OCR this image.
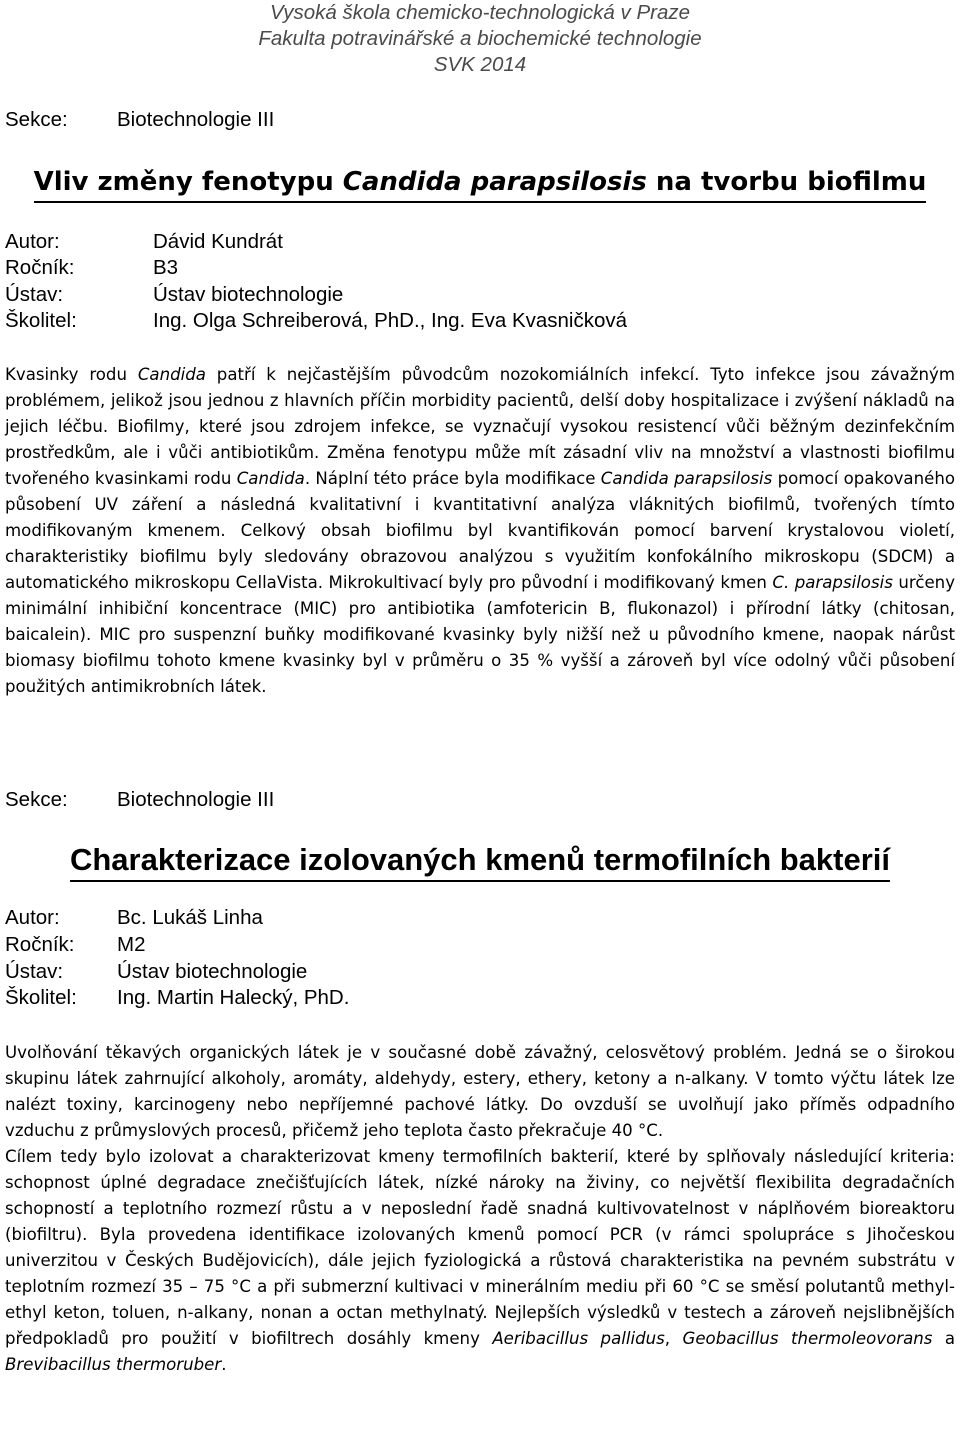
Vysoká škola chemicko-technologická v Praze
Fakulta potravinářské a biochemické technologie
SVK 2014
Sekce: Biotechnologie III
Vliv změny fenotypu Candida parapsilosis na tvorbu biofilmu
Autor:	Dávid Kundrát
Ročník:	B3
Ústav:	Ústav biotechnologie
Školitel:	Ing. Olga Schreiberová, PhD., Ing. Eva Kvasničková

Kvasinky rodu Candida patří k nejčastějším původcům nozokomiálních infekcí. Tyto infekce jsou závažným problémem, jelikož jsou jednou z hlavních příčin morbidity pacientů, delší doby hospitalizace i zvýšení nákladů na jejich léčbu. Biofilmy, které jsou zdrojem infekce, se vyznačují vysokou resistencí vůči běžným dezinfekčním prostředkům, ale i vůči antibiotikům. Změna fenotypu může mít zásadní vliv na množství a vlastnosti biofilmu tvořeného kvasinkami rodu Candida. Náplní této práce byla modifikace Candida parapsilosis pomocí opakovaného působení UV záření a následná kvalitativní i kvantitativní analýza vláknitých biofilmů, tvořených tímto modifikovaným kmenem. Celkový obsah biofilmu byl kvantifikován pomocí barvení krystalovou violetí, charakteristiky biofilmu byly sledovány obrazovou analýzou s využitím konfokálního mikroskopu (SDCM) a automatického mikroskopu CellaVista. Mikrokultivací byly pro původní i modifikovaný kmen C. parapsilosis určeny minimální inhibiční koncentrace (MIC) pro antibiotika (amfotericin B, flukonazol) i přírodní látky (chitosan, baicalein). MIC pro suspenzní buňky modifikované kvasinky byly nižší než u původního kmene, naopak nárůst biomasy biofilmu tohoto kmene kvasinky byl v průměru o 35 % vyšší a zároveň byl více odolný vůči působení použitých antimikrobních látek.

Sekce: Biotechnologie III
Charakterizace izolovaných kmenů termofilních bakterií
Autor:	Bc. Lukáš Linha
Ročník: M2
Ústav:	Ústav biotechnologie
Školitel: Ing. Martin Halecký, PhD.

Uvolňování těkavých organických látek je v současné době závažný, celosvětový problém. Jedná se o širokou skupinu látek zahrnující alkoholy, aromáty, aldehydy, estery, ethery, ketony a n-alkany. V tomto výčtu látek lze nalézt toxiny, karcinogeny nebo nepříjemné pachové látky. Do ovzduší se uvolňují jako příměs odpadního vzduchu z průmyslových procesů, přičemž jeho teplota často překračuje 40 °C.

Cílem tedy bylo izolovat a charakterizovat kmeny termofilních bakterií, které by splňovaly následující kriteria: schopnost úplné degradace znečišťujících látek, nízké nároky na živiny, co největší flexibilita degradačních schopností a teplotního rozmezí růstu a v neposlední řadě snadná kultivovatelnost v náplňovém bioreaktoru (biofiltru). Byla provedena identifikace izolovaných kmenů pomocí PCR (v rámci spolupráce s Jihočeskou univerzitou v Českých Budějovicích), dále jejich fyziologická a růstová charakteristika na pevném substrátu v teplotním rozmezí 35 – 75 °C a při submerzní kultivaci v minerálním mediu při 60 °C se směsí polutantů methyl-ethyl keton, toluen, n-alkany, nonan a octan methylnatý. Nejlepších výsledků v testech a zároveň nejslibnějších předpokladů pro použití v biofiltrech dosáhly kmeny Aeribacillus pallidus, Geobacillus thermoleovorans a Brevibacillus thermoruber.
